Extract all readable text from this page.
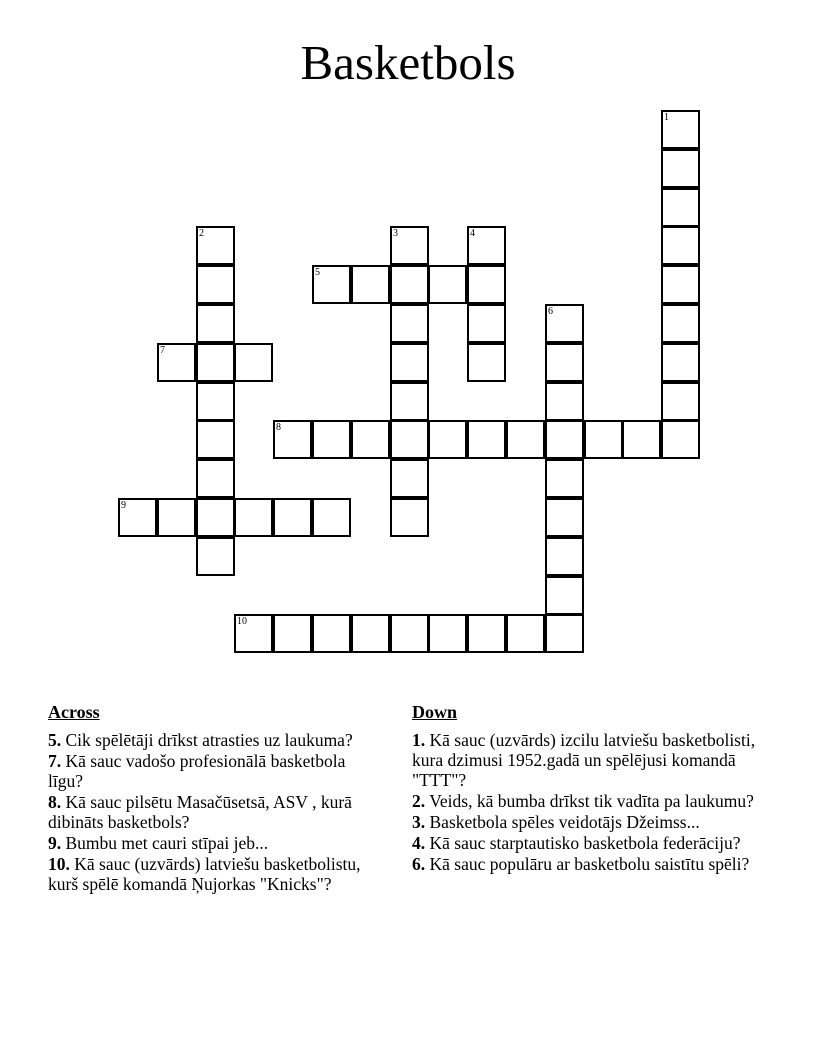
Basketbols
1
2	3	4
5
6
7
8
9
10
Across
5. Cik spēlētāji drīkst atrasties uz laukuma?
7. Kā sauc vadošo profesionālā basketbola līgu?
8. Kā sauc pilsētu Masačūsetsā, ASV , kurā dibināts basketbols?
9. Bumbu met cauri stīpai jeb...
10. Kā sauc (uzvārds) latviešu basketbolistu, kurš spēlē komandā Ņujorkas "Knicks"?
Down
1. Kā sauc (uzvārds) izcilu latviešu basketbolisti, kura dzimusi 1952.gadā un spēlējusi komandā "TTT"?
2. Veids, kā bumba drīkst tik vadīta pa laukumu?
3. Basketbola spēles veidotājs Džeimss...
4. Kā sauc starptautisko basketbola federāciju?
6. Kā sauc populāru ar basketbolu saistītu spēli?
